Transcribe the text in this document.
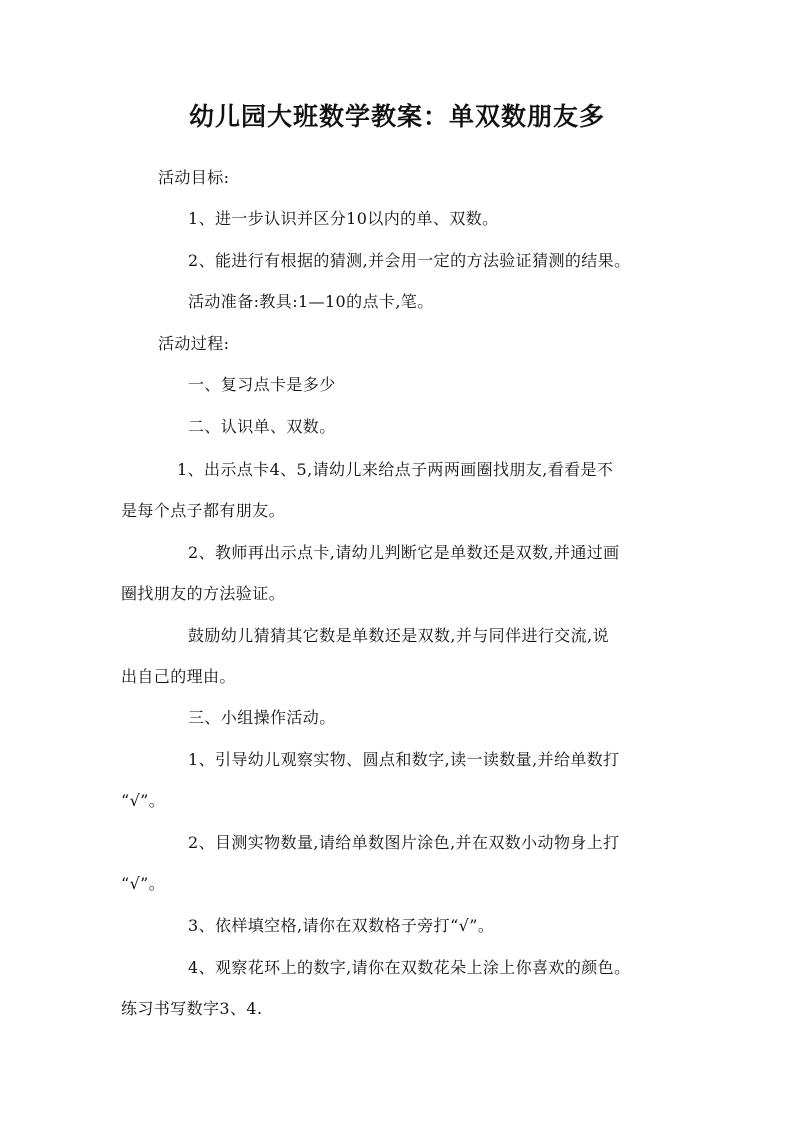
幼儿园大班数学教案：单双数朋友多
活动目标:
1、进一步认识并区分10以内的单、双数。
2、能进行有根据的猜测,并会用一定的方法验证猜测的结果。
活动准备:教具:1—10的点卡,笔。
活动过程:
一、复习点卡是多少
二、认识单、双数。
1、出示点卡4、5,请幼儿来给点子两两画圈找朋友,看看是不
是每个点子都有朋友。
2、教师再出示点卡,请幼儿判断它是单数还是双数,并通过画
圈找朋友的方法验证。
鼓励幼儿猜猜其它数是单数还是双数,并与同伴进行交流,说
出自己的理由。
三、小组操作活动。
1、引导幼儿观察实物、圆点和数字,读一读数量,并给单数打
“√”。
2、目测实物数量,请给单数图片涂色,并在双数小动物身上打
“√”。
3、依样填空格,请你在双数格子旁打“√”。
4、观察花环上的数字,请你在双数花朵上涂上你喜欢的颜色。
练习书写数字3、4.
